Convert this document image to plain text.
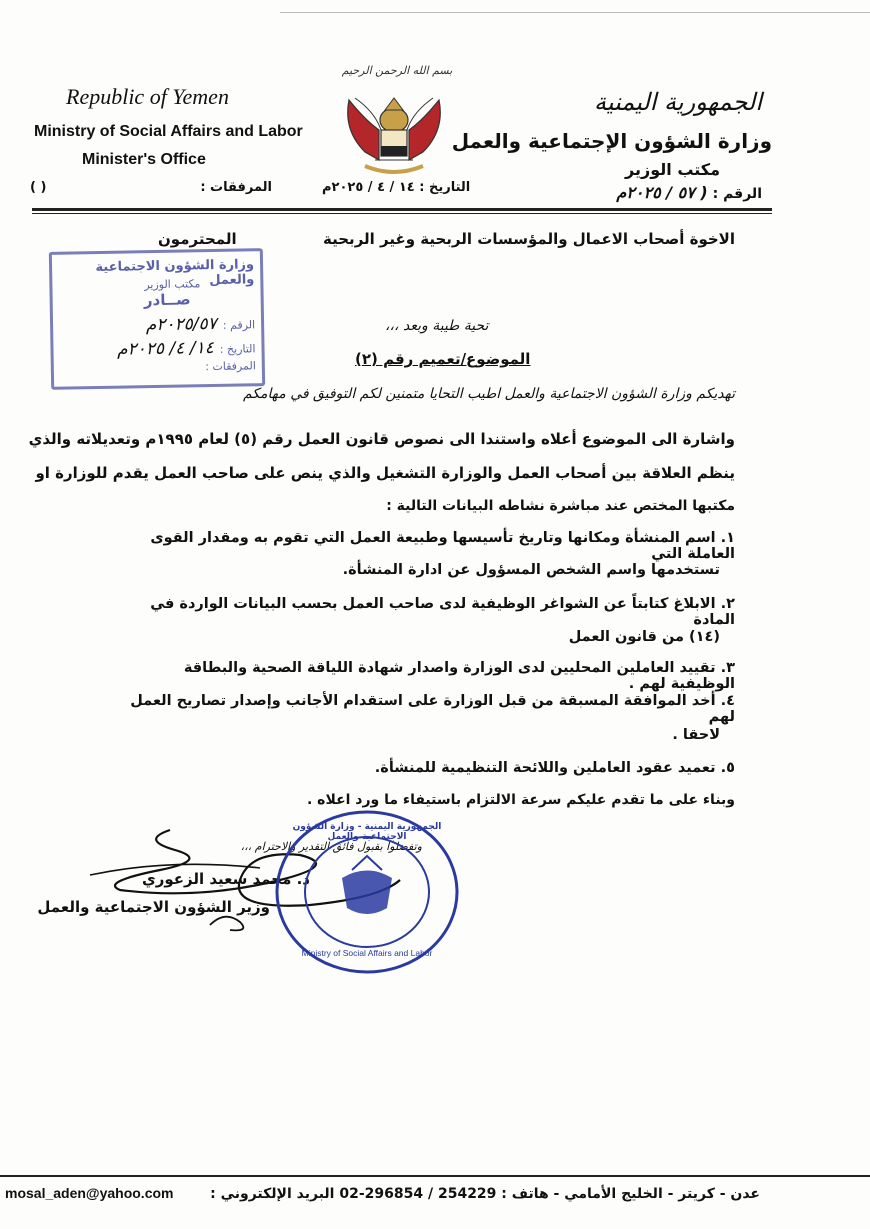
بسم الله الرحمن الرحيم
Republic of Yemen
Ministry of Social Affairs and Labor
Minister's Office
المرفقات :
( )
الجمهورية اليمنية
وزارة الشؤون الإجتماعية والعمل
مكتب الوزير
الرقم : ( ٥٧ / ٢٠٢٥م
التاريخ : ١٤ / ٤ / ٢٠٢٥م
الاخوة أصحاب الاعمال والمؤسسات الربحية وغير الربحية
المحترمون
وزارة الشؤون الاجتماعية والعمل
مكتب الوزير
صــادر
الرقم :
٢٠٢٥/٥٧م
التاريخ :
١٤/ ٤/ ٢٠٢٥م
المرفقات :
تحية طيبة وبعد ،،،
الموضوع/تعميم رقم (٢)
تهديكم وزارة الشؤون الاجتماعية والعمل اطيب التحايا متمنين لكم التوفيق في مهامكم
واشارة الى الموضوع أعلاه واستندا الى نصوص قانون العمل رقم (٥) لعام ١٩٩٥م وتعديلاته والذي
ينظم العلاقة بين أصحاب العمل والوزارة التشغيل والذي ينص على صاحب العمل يقدم للوزارة او
مكتبها المختص عند مباشرة نشاطه البيانات التالية :
١. اسم المنشأة ومكانها وتاريخ تأسيسها وطبيعة العمل التي تقوم به ومقدار القوى العاملة التي
تستخدمها واسم الشخص المسؤول عن ادارة المنشأة.
٢. الابلاغ كتابتاً عن الشواغر الوظيفية لدى صاحب العمل بحسب البيانات الواردة في المادة
(١٤) من قانون العمل
٣. تقييد العاملين المحليين لدى الوزارة واصدار شهادة اللياقة الصحية والبطاقة الوظيفية لهم .
٤. أخد الموافقة المسبقة من قبل الوزارة على استقدام الأجانب وإصدار تصاريح العمل لهم
لاحقا .
٥. تعميد عقود العاملين واللائحة التنظيمية للمنشأة.
وبناء على ما تقدم عليكم سرعة الالتزام باستيفاء ما ورد اعلاه .
وتفضلوا بقبول فائق التقدير والاحترام ،،،
د. محمد سعيد الزعوري
وزير الشؤون الاجتماعية والعمل
الجمهورية اليمنية - وزارة الشؤون الاجتماعية والعمل
Ministry of Social Affairs and Labor
mosal_aden@yahoo.com	عدن - كريتر - الخليج الأمامي - هاتف : 254229 / 296854-02 البريد الإلكتروني :
